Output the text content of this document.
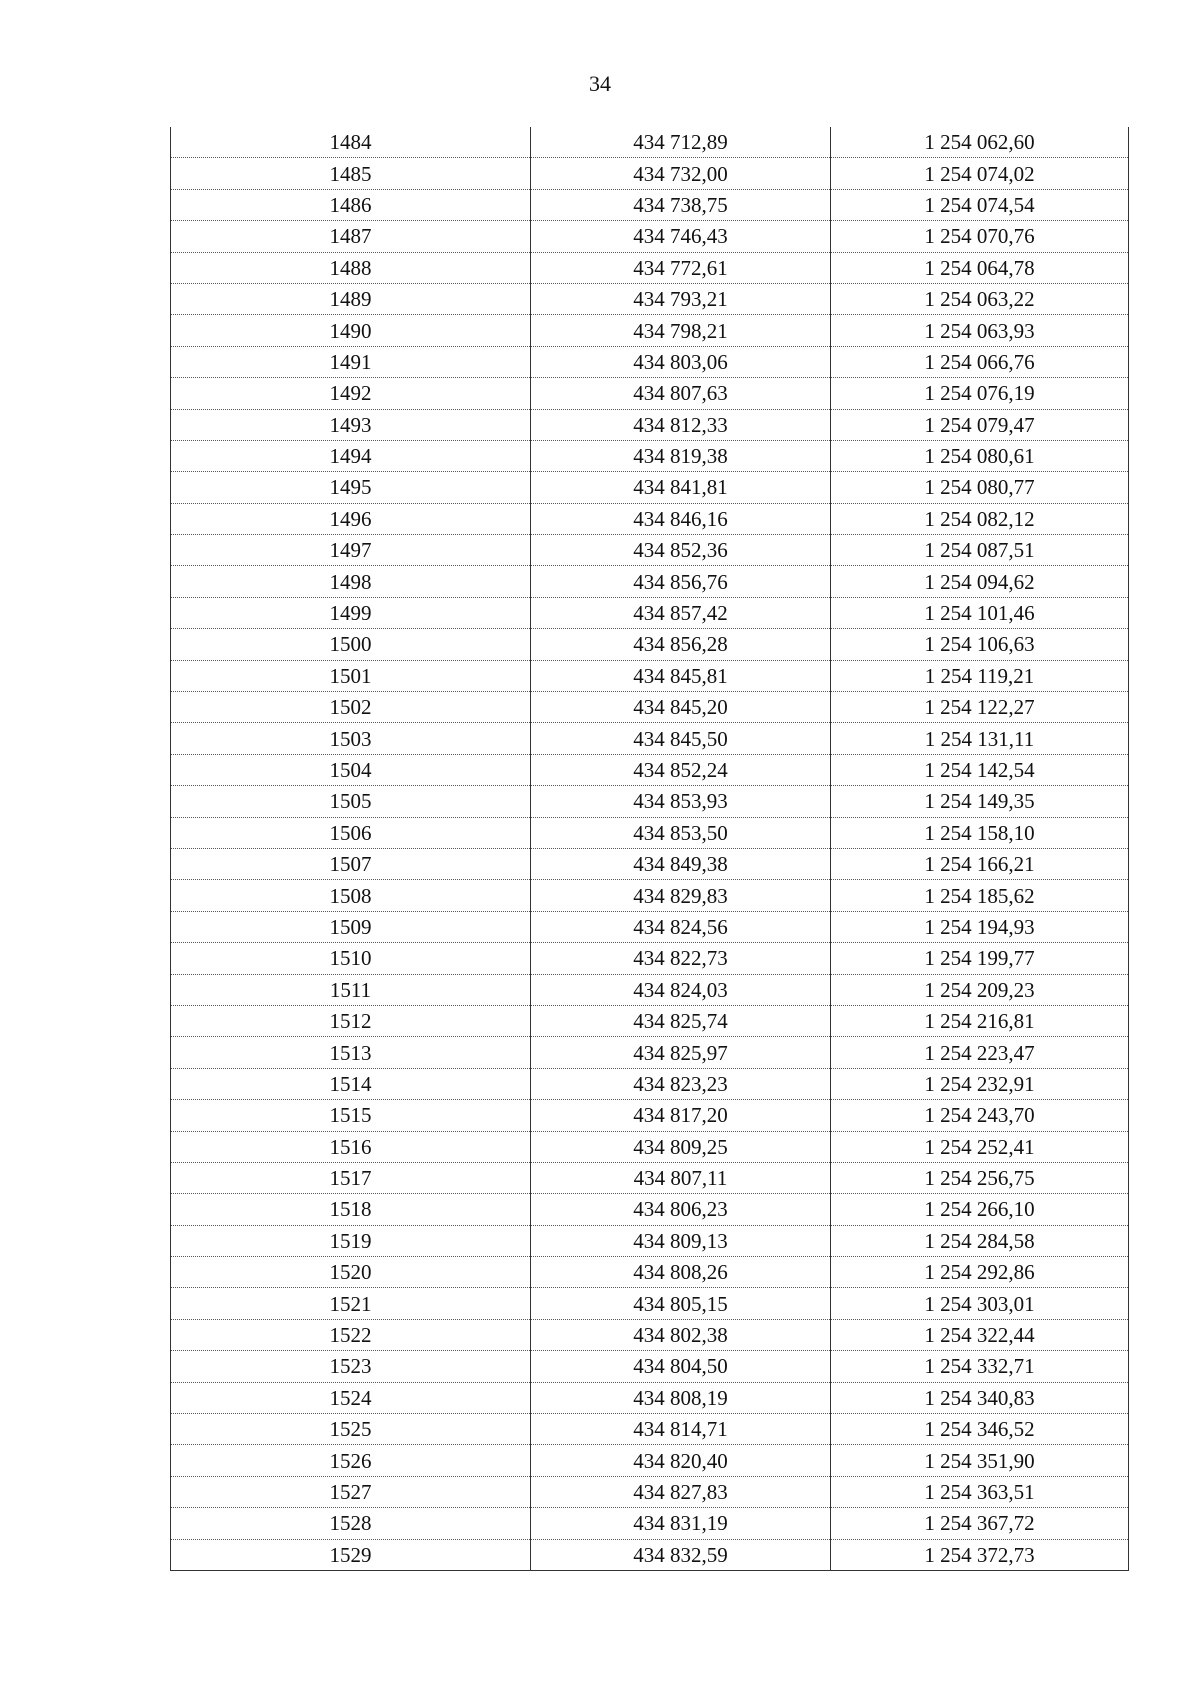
34
1484	434 712,89	1 254 062,60
1485	434 732,00	1 254 074,02
1486	434 738,75	1 254 074,54
1487	434 746,43	1 254 070,76
1488	434 772,61	1 254 064,78
1489	434 793,21	1 254 063,22
1490	434 798,21	1 254 063,93
1491	434 803,06	1 254 066,76
1492	434 807,63	1 254 076,19
1493	434 812,33	1 254 079,47
1494	434 819,38	1 254 080,61
1495	434 841,81	1 254 080,77
1496	434 846,16	1 254 082,12
1497	434 852,36	1 254 087,51
1498	434 856,76	1 254 094,62
1499	434 857,42	1 254 101,46
1500	434 856,28	1 254 106,63
1501	434 845,81	1 254 119,21
1502	434 845,20	1 254 122,27
1503	434 845,50	1 254 131,11
1504	434 852,24	1 254 142,54
1505	434 853,93	1 254 149,35
1506	434 853,50	1 254 158,10
1507	434 849,38	1 254 166,21
1508	434 829,83	1 254 185,62
1509	434 824,56	1 254 194,93
1510	434 822,73	1 254 199,77
1511	434 824,03	1 254 209,23
1512	434 825,74	1 254 216,81
1513	434 825,97	1 254 223,47
1514	434 823,23	1 254 232,91
1515	434 817,20	1 254 243,70
1516	434 809,25	1 254 252,41
1517	434 807,11	1 254 256,75
1518	434 806,23	1 254 266,10
1519	434 809,13	1 254 284,58
1520	434 808,26	1 254 292,86
1521	434 805,15	1 254 303,01
1522	434 802,38	1 254 322,44
1523	434 804,50	1 254 332,71
1524	434 808,19	1 254 340,83
1525	434 814,71	1 254 346,52
1526	434 820,40	1 254 351,90
1527	434 827,83	1 254 363,51
1528	434 831,19	1 254 367,72
1529	434 832,59	1 254 372,73
